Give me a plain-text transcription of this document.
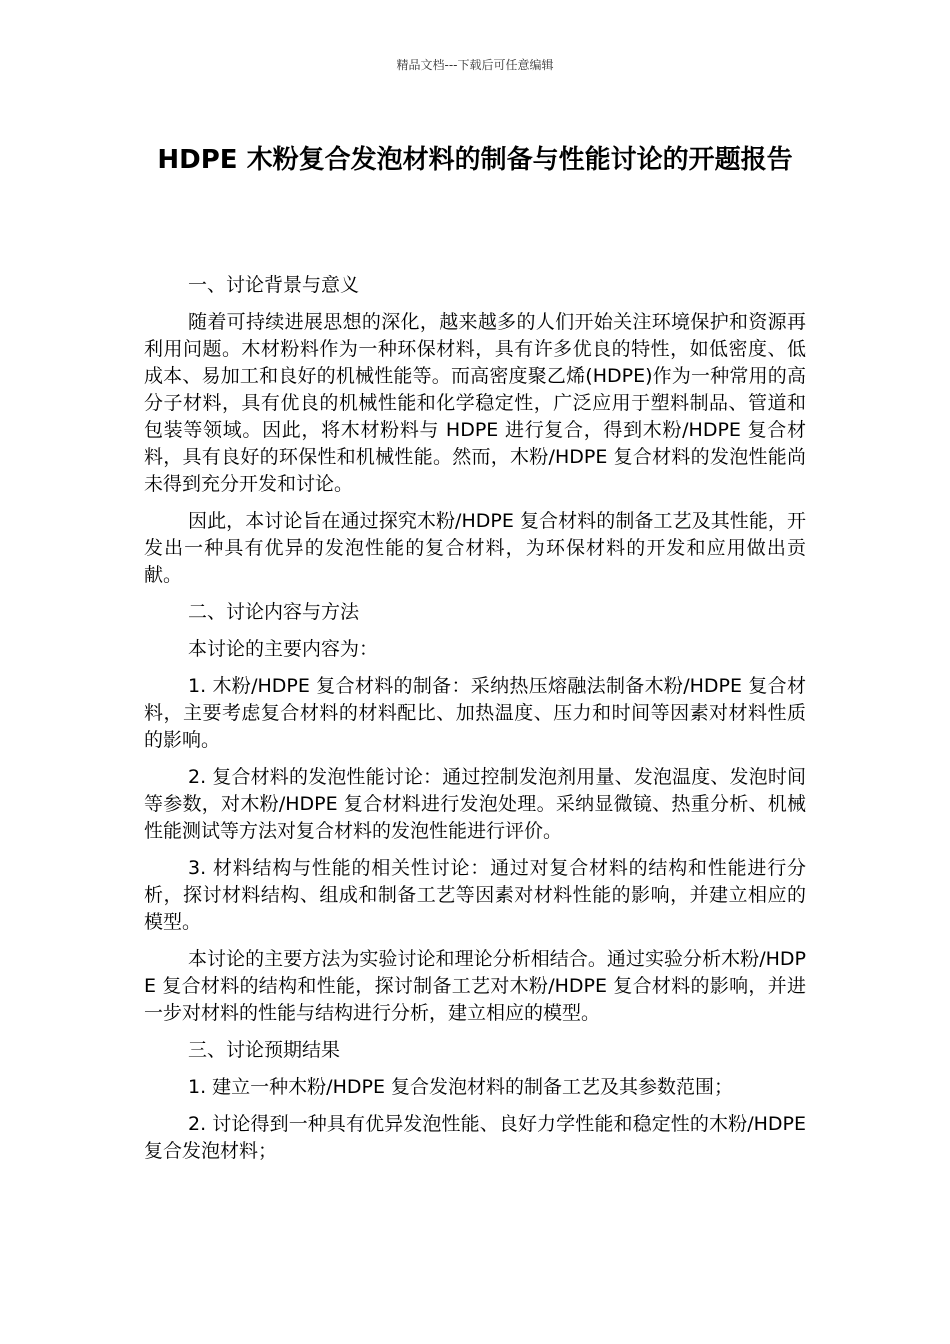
精品文档---下载后可任意编辑
HDPE 木粉复合发泡材料的制备与性能讨论的开题报告

一、讨论背景与意义

随着可持续进展思想的深化，越来越多的人们开始关注环境保护和资源再利用问题。木材粉料作为一种环保材料，具有许多优良的特性，如低密度、低成本、易加工和良好的机械性能等。而高密度聚乙烯(HDPE)作为一种常用的高分子材料，具有优良的机械性能和化学稳定性，广泛应用于塑料制品、管道和包装等领域。因此，将木材粉料与 HDPE 进行复合，得到木粉/HDPE 复合材料，具有良好的环保性和机械性能。然而，木粉/HDPE 复合材料的发泡性能尚未得到充分开发和讨论。

因此，本讨论旨在通过探究木粉/HDPE 复合材料的制备工艺及其性能，开发出一种具有优异的发泡性能的复合材料，为环保材料的开发和应用做出贡献。

二、讨论内容与方法

本讨论的主要内容为：

1. 木粉/HDPE 复合材料的制备：采纳热压熔融法制备木粉/HDPE 复合材料，主要考虑复合材料的材料配比、加热温度、压力和时间等因素对材料性质的影响。

2. 复合材料的发泡性能讨论：通过控制发泡剂用量、发泡温度、发泡时间等参数，对木粉/HDPE 复合材料进行发泡处理。采纳显微镜、热重分析、机械性能测试等方法对复合材料的发泡性能进行评价。

3. 材料结构与性能的相关性讨论：通过对复合材料的结构和性能进行分析，探讨材料结构、组成和制备工艺等因素对材料性能的影响，并建立相应的模型。

本讨论的主要方法为实验讨论和理论分析相结合。通过实验分析木粉/HDPE 复合材料的结构和性能，探讨制备工艺对木粉/HDPE 复合材料的影响，并进一步对材料的性能与结构进行分析，建立相应的模型。

三、讨论预期结果

1. 建立一种木粉/HDPE 复合发泡材料的制备工艺及其参数范围；

2. 讨论得到一种具有优异发泡性能、良好力学性能和稳定性的木粉/HDPE 复合发泡材料；
